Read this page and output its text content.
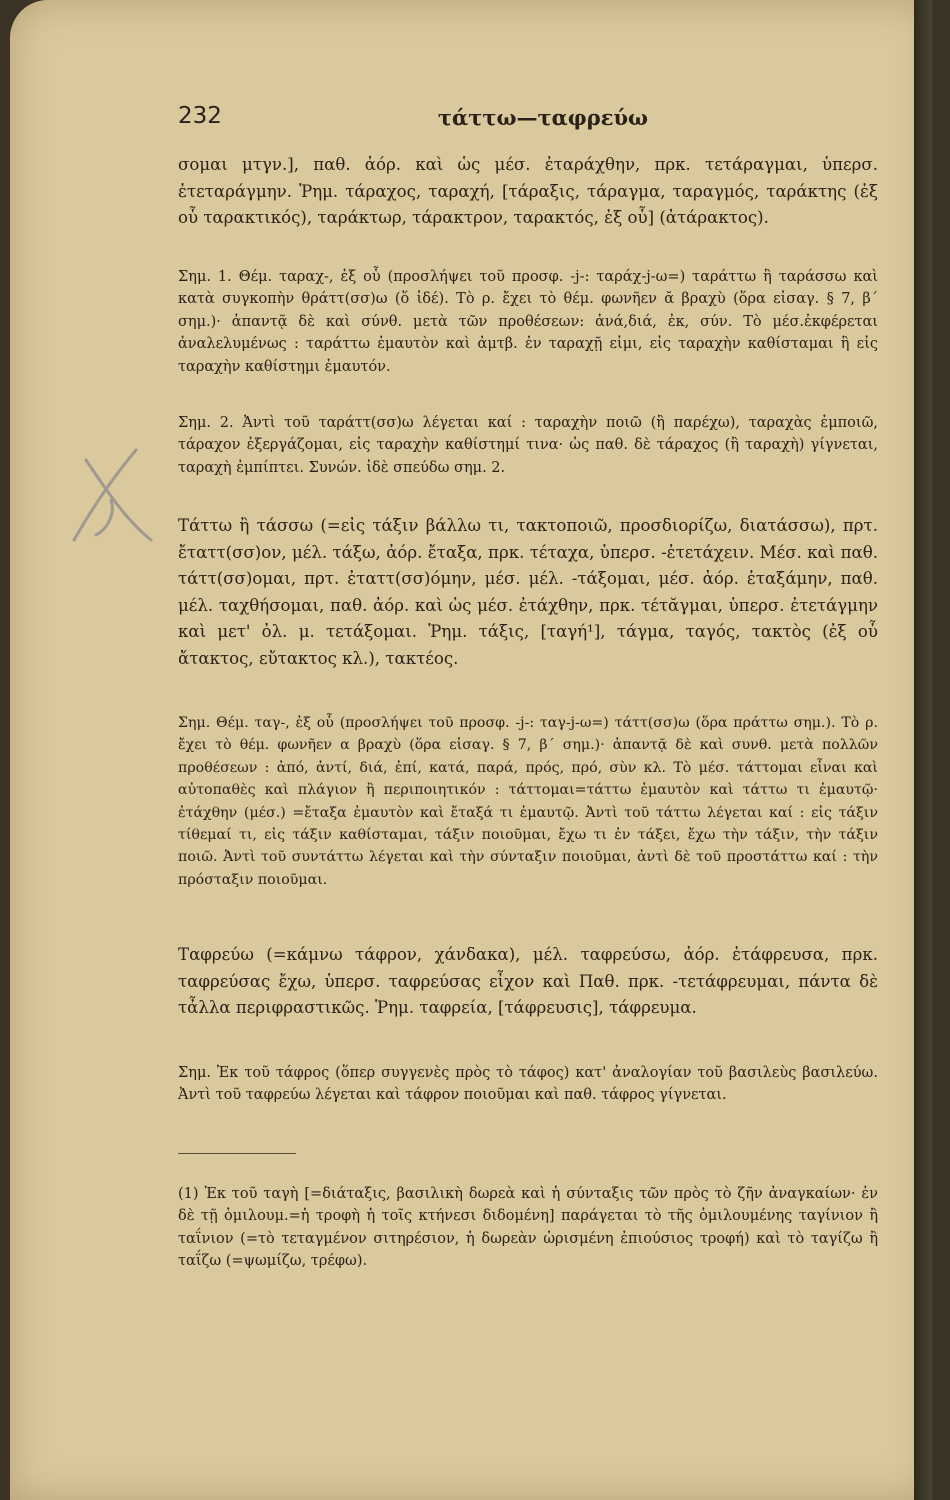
232	τάττω—ταφρεύω

σομαι μτγν.], παθ. ἀόρ. καὶ ὡς μέσ. ἐταράχθην, πρκ. τετάραγμαι, ὑπερσ. ἐτεταράγμην. Ῥημ. τάραχος, ταραχή, [τάραξις, τάραγμα, ταραγμός, ταράκτης (ἐξ οὗ ταρακτικός), ταράκτωρ, τάρακτρον, ταρακτός, ἐξ οὗ] (ἀτάρακτος).

Σημ. 1. Θέμ. ταραχ-, ἐξ οὗ (προσλήψει τοῦ προσφ. -j-: ταράχ-j-ω=) ταράττω ἢ ταράσσω καὶ κατὰ συγκοπὴν θράττ(σσ)ω (ὅ ἰδέ). Τὸ ρ. ἔχει τὸ θέμ. φωνῆεν ᾰ βραχὺ (ὅρα εἰσαγ. § 7, β΄ σημ.)· ἀπαντᾷ δὲ καὶ σύνθ. μετὰ τῶν προθέσεων: ἀνά,διά, ἐκ, σύν. Τὸ μέσ.ἐκφέρεται ἀναλελυμένως : ταράττω ἐμαυτὸν καὶ ἀμτβ. ἐν ταραχῇ εἰμι, εἰς ταραχὴν καθίσταμαι ἢ εἰς ταραχὴν καθίστημι ἐμαυτόν.

Σημ. 2. Ἀντὶ τοῦ ταράττ(σσ)ω λέγεται καί : ταραχὴν ποιῶ (ἢ παρέχω), ταραχὰς ἐμποιῶ, τάραχον ἐξεργάζομαι, εἰς ταραχὴν καθίστημί τινα· ὡς παθ. δὲ τάραχος (ἢ ταραχὴ) γίγνεται, ταραχὴ ἐμπίπτει. Συνών. ἰδὲ σπεύδω σημ. 2.

Τάττω ἢ τάσσω (=εἰς τάξιν βάλλω τι, τακτοποιῶ, προσδιορίζω, διατάσσω), πρτ. ἔταττ(σσ)ον, μέλ. τάξω, ἀόρ. ἔταξα, πρκ. τέταχα, ὑπερσ. -ἐτετάχειν. Μέσ. καὶ παθ. τάττ(σσ)ομαι, πρτ. ἐταττ(σσ)όμην, μέσ. μέλ. -τάξομαι, μέσ. ἀόρ. ἐταξάμην, παθ. μέλ. ταχθήσομαι, παθ. ἀόρ. καὶ ὡς μέσ. ἐτάχθην, πρκ. τέτᾰγμαι, ὑπερσ. ἐτετάγμην καὶ μετ' ὀλ. μ. τετάξομαι. Ῥημ. τάξις, [ταγή¹], τάγμα, ταγός, τακτὸς (ἐξ οὗ ἄτακτος, εὔτακτος κλ.), τακτέος.

Σημ. Θέμ. ταγ-, ἐξ οὗ (προσλήψει τοῦ προσφ. -j-: ταγ-j-ω=) τάττ(σσ)ω (ὅρα πράττω σημ.). Τὸ ρ. ἔχει τὸ θέμ. φωνῆεν α βραχὺ (ὅρα εἰσαγ. § 7, β΄ σημ.)· ἀπαντᾷ δὲ καὶ συνθ. μετὰ πολλῶν προθέσεων : ἀπό, ἀντί, διά, ἐπί, κατά, παρά, πρός, πρό, σὺν κλ. Τὸ μέσ. τάττομαι εἶναι καὶ αὐτοπαθὲς καὶ πλάγιον ἢ περιποιητικόν : τάττομαι=τάττω ἐμαυτὸν καὶ τάττω τι ἐμαυτῷ· ἐτάχθην (μέσ.) =ἔταξα ἐμαυτὸν καὶ ἔταξά τι ἐμαυτῷ. Ἀντὶ τοῦ τάττω λέγεται καί : εἰς τάξιν τίθεμαί τι, εἰς τάξιν καθίσταμαι, τάξιν ποιοῦμαι, ἔχω τι ἐν τάξει, ἔχω τὴν τάξιν, τὴν τάξιν ποιῶ. Ἀντὶ τοῦ συντάττω λέγεται καὶ τὴν σύνταξιν ποιοῦμαι, ἀντὶ δὲ τοῦ προστάττω καί : τὴν πρόσταξιν ποιοῦμαι.

Ταφρεύω (=κάμνω τάφρον, χάνδακα), μέλ. ταφρεύσω, ἀόρ. ἐτάφρευσα, πρκ. ταφρεύσας ἔχω, ὑπερσ. ταφρεύσας εἶχον καὶ Παθ. πρκ. -τετάφρευμαι, πάντα δὲ τἆλλα περιφραστικῶς. Ῥημ. ταφρεία, [τάφρευσις], τάφρευμα.

Σημ. Ἐκ τοῦ τάφρος (ὅπερ συγγενὲς πρὸς τὸ τάφος) κατ' ἀναλογίαν τοῦ βασιλεὺς βασιλεύω. Ἀντὶ τοῦ ταφρεύω λέγεται καὶ τάφρον ποιοῦμαι καὶ παθ. τάφρος γίγνεται.

(1) Ἐκ τοῦ ταγὴ [=διάταξις, βασιλικὴ δωρεὰ καὶ ἡ σύνταξις τῶν πρὸς τὸ ζῆν ἀναγκαίων· ἐν δὲ τῇ ὁμιλουμ.=ἡ τροφὴ ἡ τοῖς κτήνεσι διδομένη] παράγεται τὸ τῆς ὁμιλουμένης ταγίνιον ἢ ταΐνιον (=τὸ τεταγμένον σιτηρέσιον, ἡ δωρεὰν ὡρισμένη ἐπιούσιος τροφή) καὶ τὸ ταγίζω ἢ ταΐζω (=ψωμίζω, τρέφω).
